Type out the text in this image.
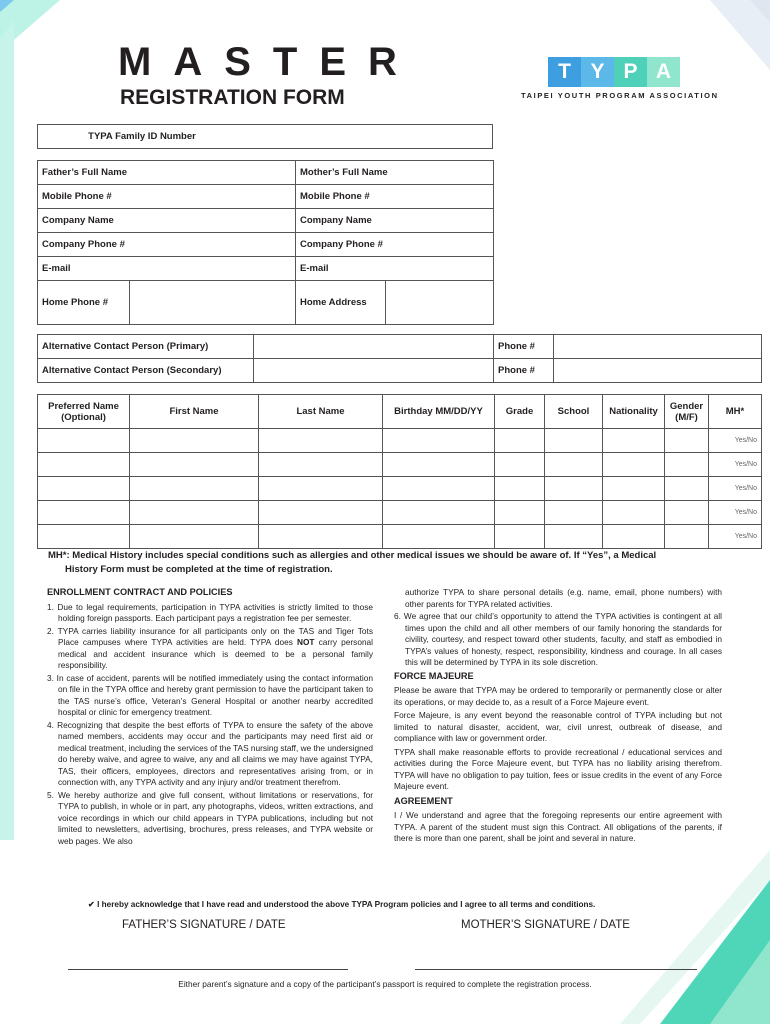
MASTER
REGISTRATION FORM
T Y P A
TAIPEI YOUTH PROGRAM ASSOCIATION
TYPA Family ID Number	
Father’s Full Name		Mother’s Full Name	
Mobile Phone #		Mobile Phone #	
Company Name		Company Name	
Company Phone #		Company Phone #	
E-mail		E-mail	
Home Phone #		Home Address	
Alternative Contact Person (Primary)		Phone #	
Alternative Contact Person (Secondary)		Phone #	
Preferred Name (Optional)	First Name	Last Name	Birthday MM/DD/YY	Grade	School	Nationality	Gender (M/F)	MH*
								Yes/No
								Yes/No
								Yes/No
								Yes/No
								Yes/No
MH*: Medical History includes special conditions such as allergies and other medical issues we should be aware of. If “Yes”, a Medical
History Form must be completed at the time of registration.
ENROLLMENT CONTRACT AND POLICIES
1. Due to legal requirements, participation in TYPA activities is strictly limited to those holding foreign passports. Each participant pays a registration fee per semester.
2. TYPA carries liability insurance for all participants only on the TAS and Tiger Tots Place campuses where TYPA activities are held. TYPA does NOT carry personal medical and accident insurance which is deemed to be a personal family responsibility.
3. In case of accident, parents will be notified immediately using the contact information on file in the TYPA office and hereby grant permission to have the participant taken to the TAS nurse’s office, Veteran’s General Hospital or another nearby accredited hospital or clinic for emergency treatment.
4. Recognizing that despite the best efforts of TYPA to ensure the safety of the above named members, accidents may occur and the participants may need first aid or medical treatment, including the services of the TAS nursing staff, we the undersigned do hereby waive, and agree to waive, any and all claims we may have against TYPA, TAS, their officers, employees, directors and representatives arising from, or in connection with, any TYPA activity and any injury and/or treatment therefrom.
5. We hereby authorize and give full consent, without limitations or reservations, for TYPA to publish, in whole or in part, any photographs, videos, written extractions, and voice recordings in which our child appears in TYPA publications, including but not limited to newsletters, advertising, brochures, press releases, and TYPA website or web pages. We also
authorize TYPA to share personal details (e.g. name, email, phone numbers) with other parents for TYPA related activities.
6. We agree that our child’s opportunity to attend the TYPA activities is contingent at all times upon the child and all other members of our family honoring the standards for civility, courtesy, and respect toward other students, faculty, and staff as embodied in TYPA’s values of honesty, respect, responsibility, kindness and courage. In all cases this will be determined by TYPA in its sole discretion.
FORCE MAJEURE

Please be aware that TYPA may be ordered to temporarily or permanently close or alter its operations, or may decide to, as a result of a Force Majeure event.

Force Majeure, is any event beyond the reasonable control of TYPA including but not limited to natural disaster, accident, war, civil unrest, outbreak of disease, and compliance with law or government order.

TYPA shall make reasonable efforts to provide recreational / educational services and activities during the Force Majeure event, but TYPA has no liability arising therefrom. TYPA will have no obligation to pay tuition, fees or issue credits in the event of any Force Majeure event.

AGREEMENT

I / We understand and agree that the foregoing represents our entire agreement with TYPA. A parent of the student must sign this Contract. All obligations of the parents, if there is more than one parent, shall be joint and several in nature.

✔ I hereby acknowledge that I have read and understood the above TYPA Program policies and I agree to all terms and conditions.
FATHER’S SIGNATURE / DATE	MOTHER’S SIGNATURE / DATE
Either parent’s signature and a copy of the participant’s passport is required to complete the registration process.
